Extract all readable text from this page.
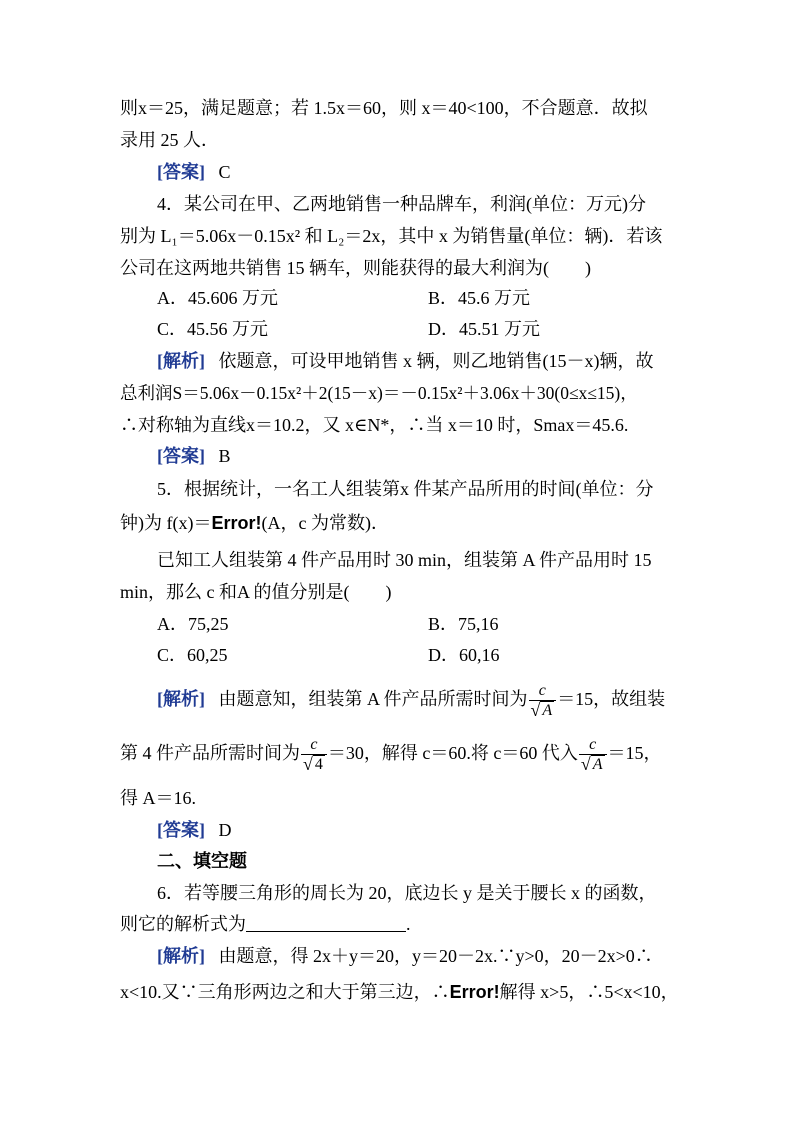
则x＝25，满足题意；若 1.5x＝60，则 x＝40<100，不合题意．故拟
录用 25 人．
[答案] C
4．某公司在甲、乙两地销售一种品牌车，利润(单位：万元)分
别为 L₁＝5.06x－0.15x² 和 L₂＝2x，其中 x 为销售量(单位：辆)．若该
公司在这两地共销售 15 辆车，则能获得的最大利润为(　　)
A．45.606 万元	B．45.6 万元
C．45.56 万元	D．45.51 万元
[解析] 依题意，可设甲地销售 x 辆，则乙地销售(15－x)辆，故
总利润S＝5.06x－0.15x²＋2(15－x)＝－0.15x²＋3.06x＋30(0≤x≤15)，
∴对称轴为直线x＝10.2，又 x∈N*，∴当 x＝10 时，Smax＝45.6.
[答案] B
5．根据统计，一名工人组装第x 件某产品所用的时间(单位：分
钟)为 f(x)＝Error!(A，c 为常数)．
已知工人组装第 4 件产品用时 30 min，组装第 A 件产品用时 15
min，那么 c 和A 的值分别是(　　)
A．75,25	B．75,16
C．60,25	D．60,16
[解析] 由题意知，组装第 A 件产品所需时间为 $\frac{c}{√ A} =15$，故组装
第 4 件产品所需时间为 $\frac{c}{√ 4} =30$，解得 c＝60.将 c＝60 代入 $\frac{c}{√ A} =15$，
得 A＝16.
[答案] D
二、填空题
6．若等腰三角形的周长为 20，底边长 y 是关于腰长 x 的函数，
则它的解析式为	.
[解析] 由题意，得 2x＋y＝20，y＝20－2x.∵y>0，20－2x>0∴
x<10.又∵三角形两边之和大于第三边，∴Error!解得 x>5，∴5<x<10，
